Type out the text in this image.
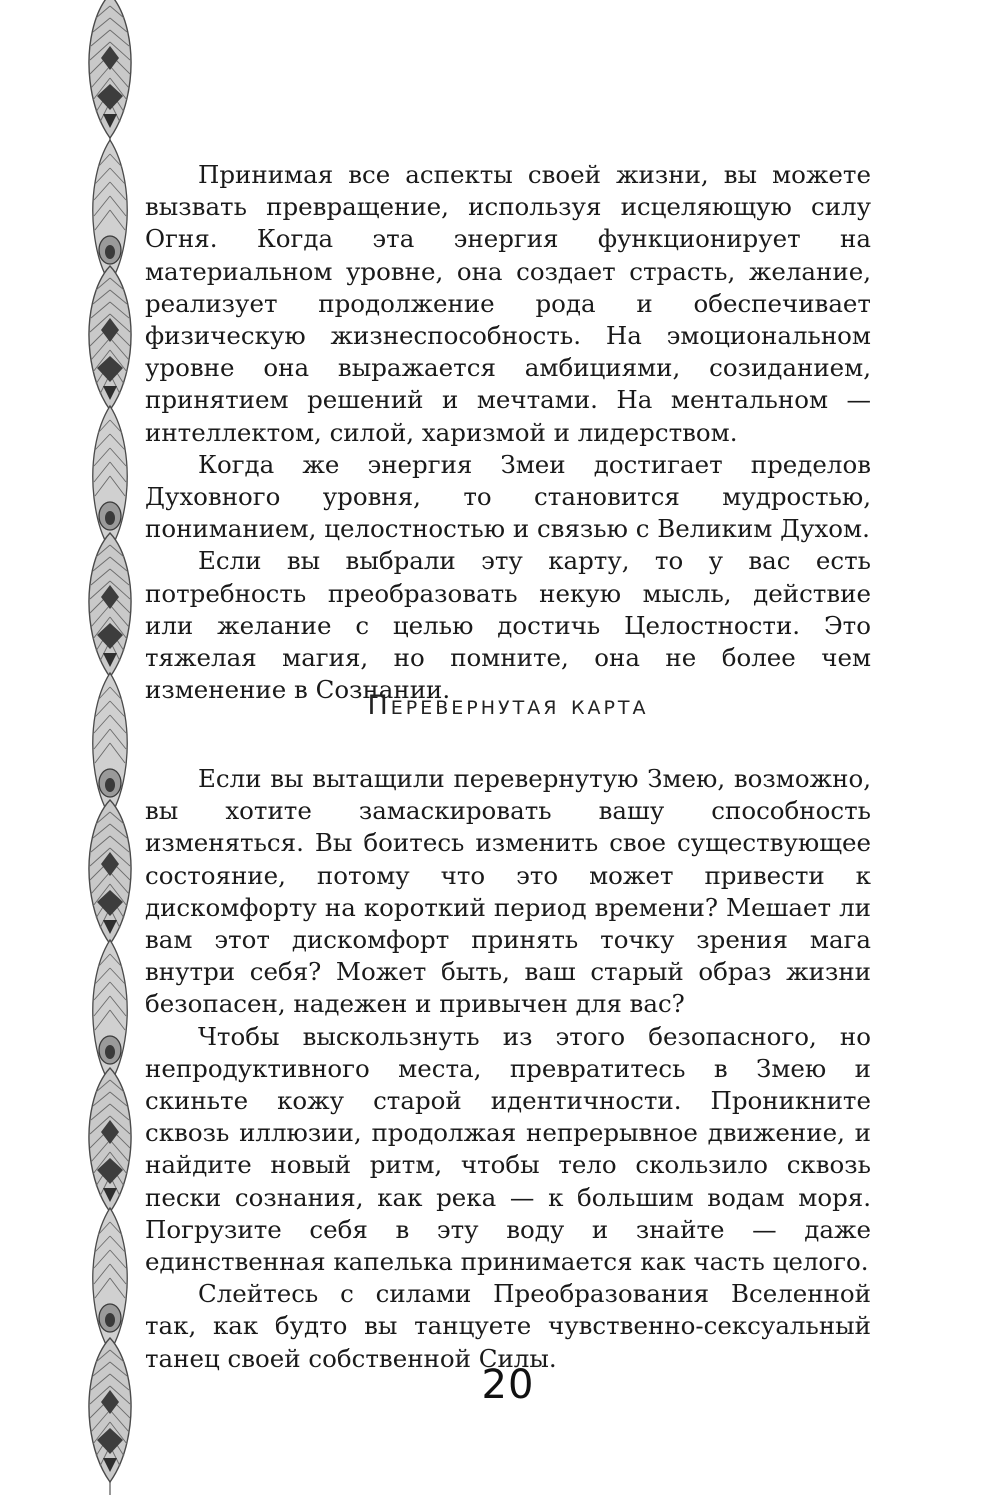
Принимая все аспекты своей жизни, вы можете вызвать превращение, используя исцеляющую силу Огня. Когда эта энергия функционирует на материальном уровне, она создает страсть, желание, реализует продолжение рода и обеспечивает физическую жизнеспособность. На эмоциональном уровне она выражается амбициями, созиданием, принятием решений и мечтами. На ментальном — интеллектом, силой, харизмой и лидерством.

Когда же энергия Змеи достигает пределов Духовного уровня, то становится мудростью, пониманием, целостностью и связью с Великим Духом.

Если вы выбрали эту карту, то у вас есть потребность преобразовать некую мысль, действие или желание с целью достичь Целостности. Это тяжелая магия, но помните, она не более чем изменение в Сознании.

Перевернутая карта

Если вы вытащили перевернутую Змею, возможно, вы хотите замаскировать вашу способность изменяться. Вы боитесь изменить свое существующее состояние, потому что это может привести к дискомфорту на короткий период времени? Мешает ли вам этот дискомфорт принять точку зрения мага внутри себя? Может быть, ваш старый образ жизни безопасен, надежен и привычен для вас?

Чтобы выскользнуть из этого безопасного, но непродуктивного места, превратитесь в Змею и скиньте кожу старой идентичности. Проникните сквозь иллюзии, продолжая непрерывное движение, и найдите новый ритм, чтобы тело скользило сквозь пески сознания, как река — к большим водам моря. Погрузите себя в эту воду и знайте — даже единственная капелька принимается как часть целого.

Слейтесь с силами Преобразования Вселенной так, как будто вы танцуете чувственно-сексуальный танец своей собственной Силы.

20
